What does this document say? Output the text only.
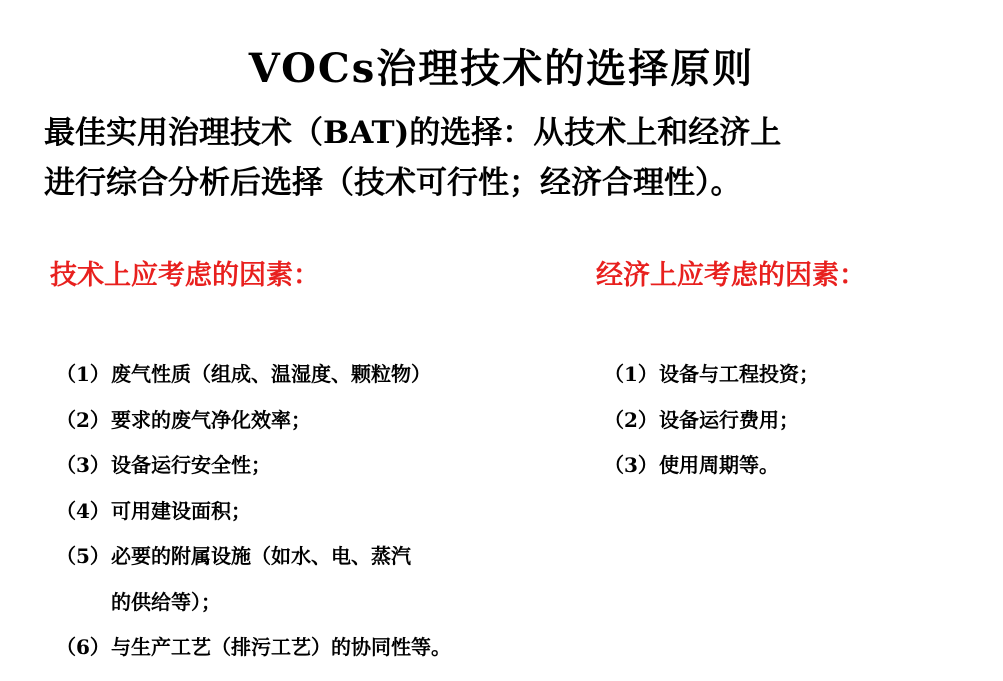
VOCs治理技术的选择原则
最佳实用治理技术（BAT)的选择：从技术上和经济上
进行综合分析后选择（技术可行性；经济合理性）。
技术上应考虑的因素：	经济上应考虑的因素：
（1） 废气性质（组成、温湿度、颗粒物）
（2） 要求的废气净化效率；
（3） 设备运行安全性；
（4） 可用建设面积；
（5） 必要的附属设施（如水、电、蒸汽
的供给等）；
（6） 与生产工艺（排污工艺）的协同性等。
（1） 设备与工程投资；
（2） 设备运行费用；
（3） 使用周期等。
